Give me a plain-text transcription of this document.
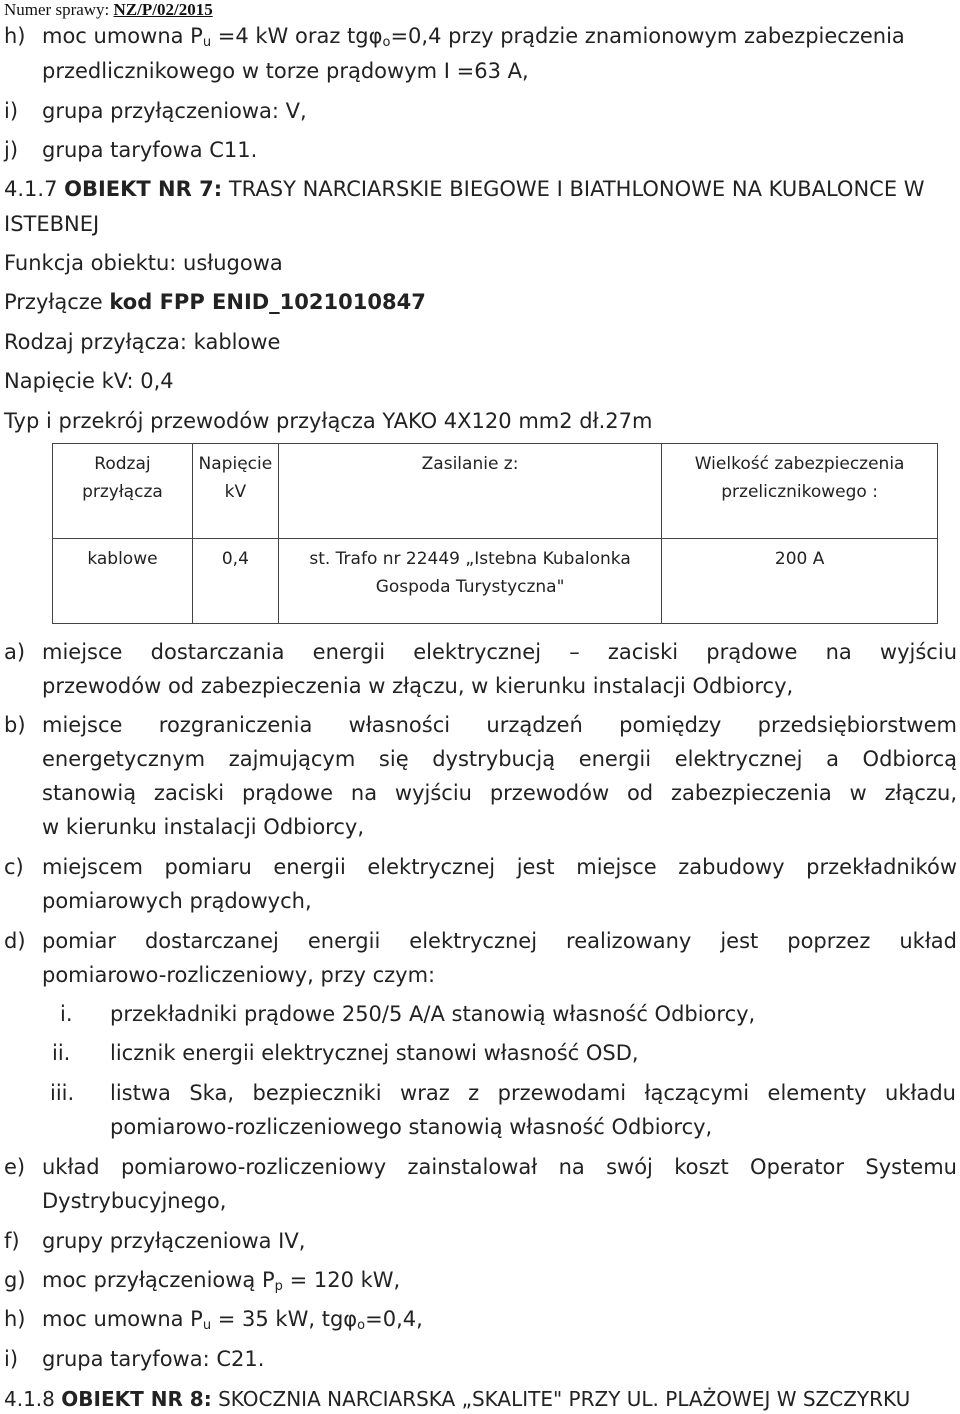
Numer sprawy: NZ/P/02/2015
h) moc umowna $P_u =4$ kW oraz tgφ$_o$=0,4 przy prądzie znamionowym zabezpieczenia
przedlicznikowego w torze prądowym I =63 A,
i) grupa przyłączeniowa: V,
j) grupa taryfowa C11.
4.1.7 OBIEKT NR 7: TRASY NARCIARSKIE BIEGOWE I BIATHLONOWE NA KUBALONCE W
ISTEBNEJ
Funkcja obiektu: usługowa
Przyłącze kod FPP ENID_1021010847
Rodzaj przyłącza: kablowe
Napięcie kV: 0,4
Typ i przekrój przewodów przyłącza YAKO 4X120 mm2 dł.27m
Rodzaj przyłącza	Napięcie kV	Zasilanie z:	Wielkość zabezpieczenia przelicznikowego :
kablowe	0,4	st. Trafo nr 22449 „Istebna Kubalonka Gospoda Turystyczna"	200 A
a) miejsce dostarczania energii elektrycznej – zaciski prądowe na wyjściu
przewodów od zabezpieczenia w złączu, w kierunku instalacji Odbiorcy,
b) miejsce rozgraniczenia własności urządzeń pomiędzy przedsiębiorstwem
energetycznym zajmującym się dystrybucją energii elektrycznej a Odbiorcą
stanowią zaciski prądowe na wyjściu przewodów od zabezpieczenia w złączu,
w kierunku instalacji Odbiorcy,
c) miejscem pomiaru energii elektrycznej jest miejsce zabudowy przekładników
pomiarowych prądowych,
d) pomiar dostarczanej energii elektrycznej realizowany jest poprzez układ
pomiarowo-rozliczeniowy, przy czym:
i. przekładniki prądowe 250/5 A/A stanowią własność Odbiorcy,
ii. licznik energii elektrycznej stanowi własność OSD,
iii. listwa Ska, bezpieczniki wraz z przewodami łączącymi elementy układu
pomiarowo-rozliczeniowego stanowią własność Odbiorcy,
e) układ pomiarowo-rozliczeniowy zainstalował na swój koszt Operator Systemu
Dystrybucyjnego,
f) grupy przyłączeniowa IV,
g) moc przyłączeniową $P_p = 120$ kW,
h) moc umowna $P_u = 35$ kW, tgφ$_o$=0,4,
i) grupa taryfowa: C21.
4.1.8 OBIEKT NR 8: SKOCZNIA NARCIARSKA „SKALITE" PRZY UL. PLAŻOWEJ W SZCZYRKU
